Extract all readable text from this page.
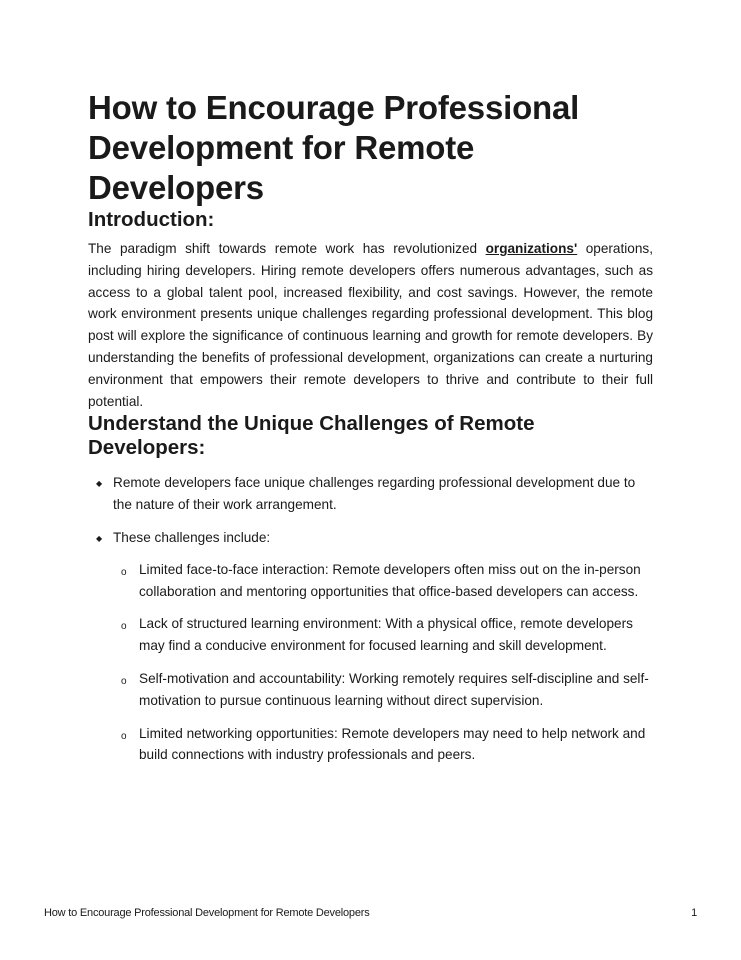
How to Encourage Professional Development for Remote Developers
Introduction:

The paradigm shift towards remote work has revolutionized organizations' operations, including hiring developers. Hiring remote developers offers numerous advantages, such as access to a global talent pool, increased flexibility, and cost savings. However, the remote work environment presents unique challenges regarding professional development. This blog post will explore the significance of continuous learning and growth for remote developers. By understanding the benefits of professional development, organizations can create a nurturing environment that empowers their remote developers to thrive and contribute to their full potential.

Understand the Unique Challenges of Remote Developers:
◆ Remote developers face unique challenges regarding professional development due to the nature of their work arrangement.
◆ These challenges include:
o Limited face-to-face interaction: Remote developers often miss out on the in-person collaboration and mentoring opportunities that office-based developers can access.
o Lack of structured learning environment: With a physical office, remote developers may find a conducive environment for focused learning and skill development.
o Self-motivation and accountability: Working remotely requires self-discipline and self-motivation to pursue continuous learning without direct supervision.
o Limited networking opportunities: Remote developers may need to help network and build connections with industry professionals and peers.
How to Encourage Professional Development for Remote Developers	1
